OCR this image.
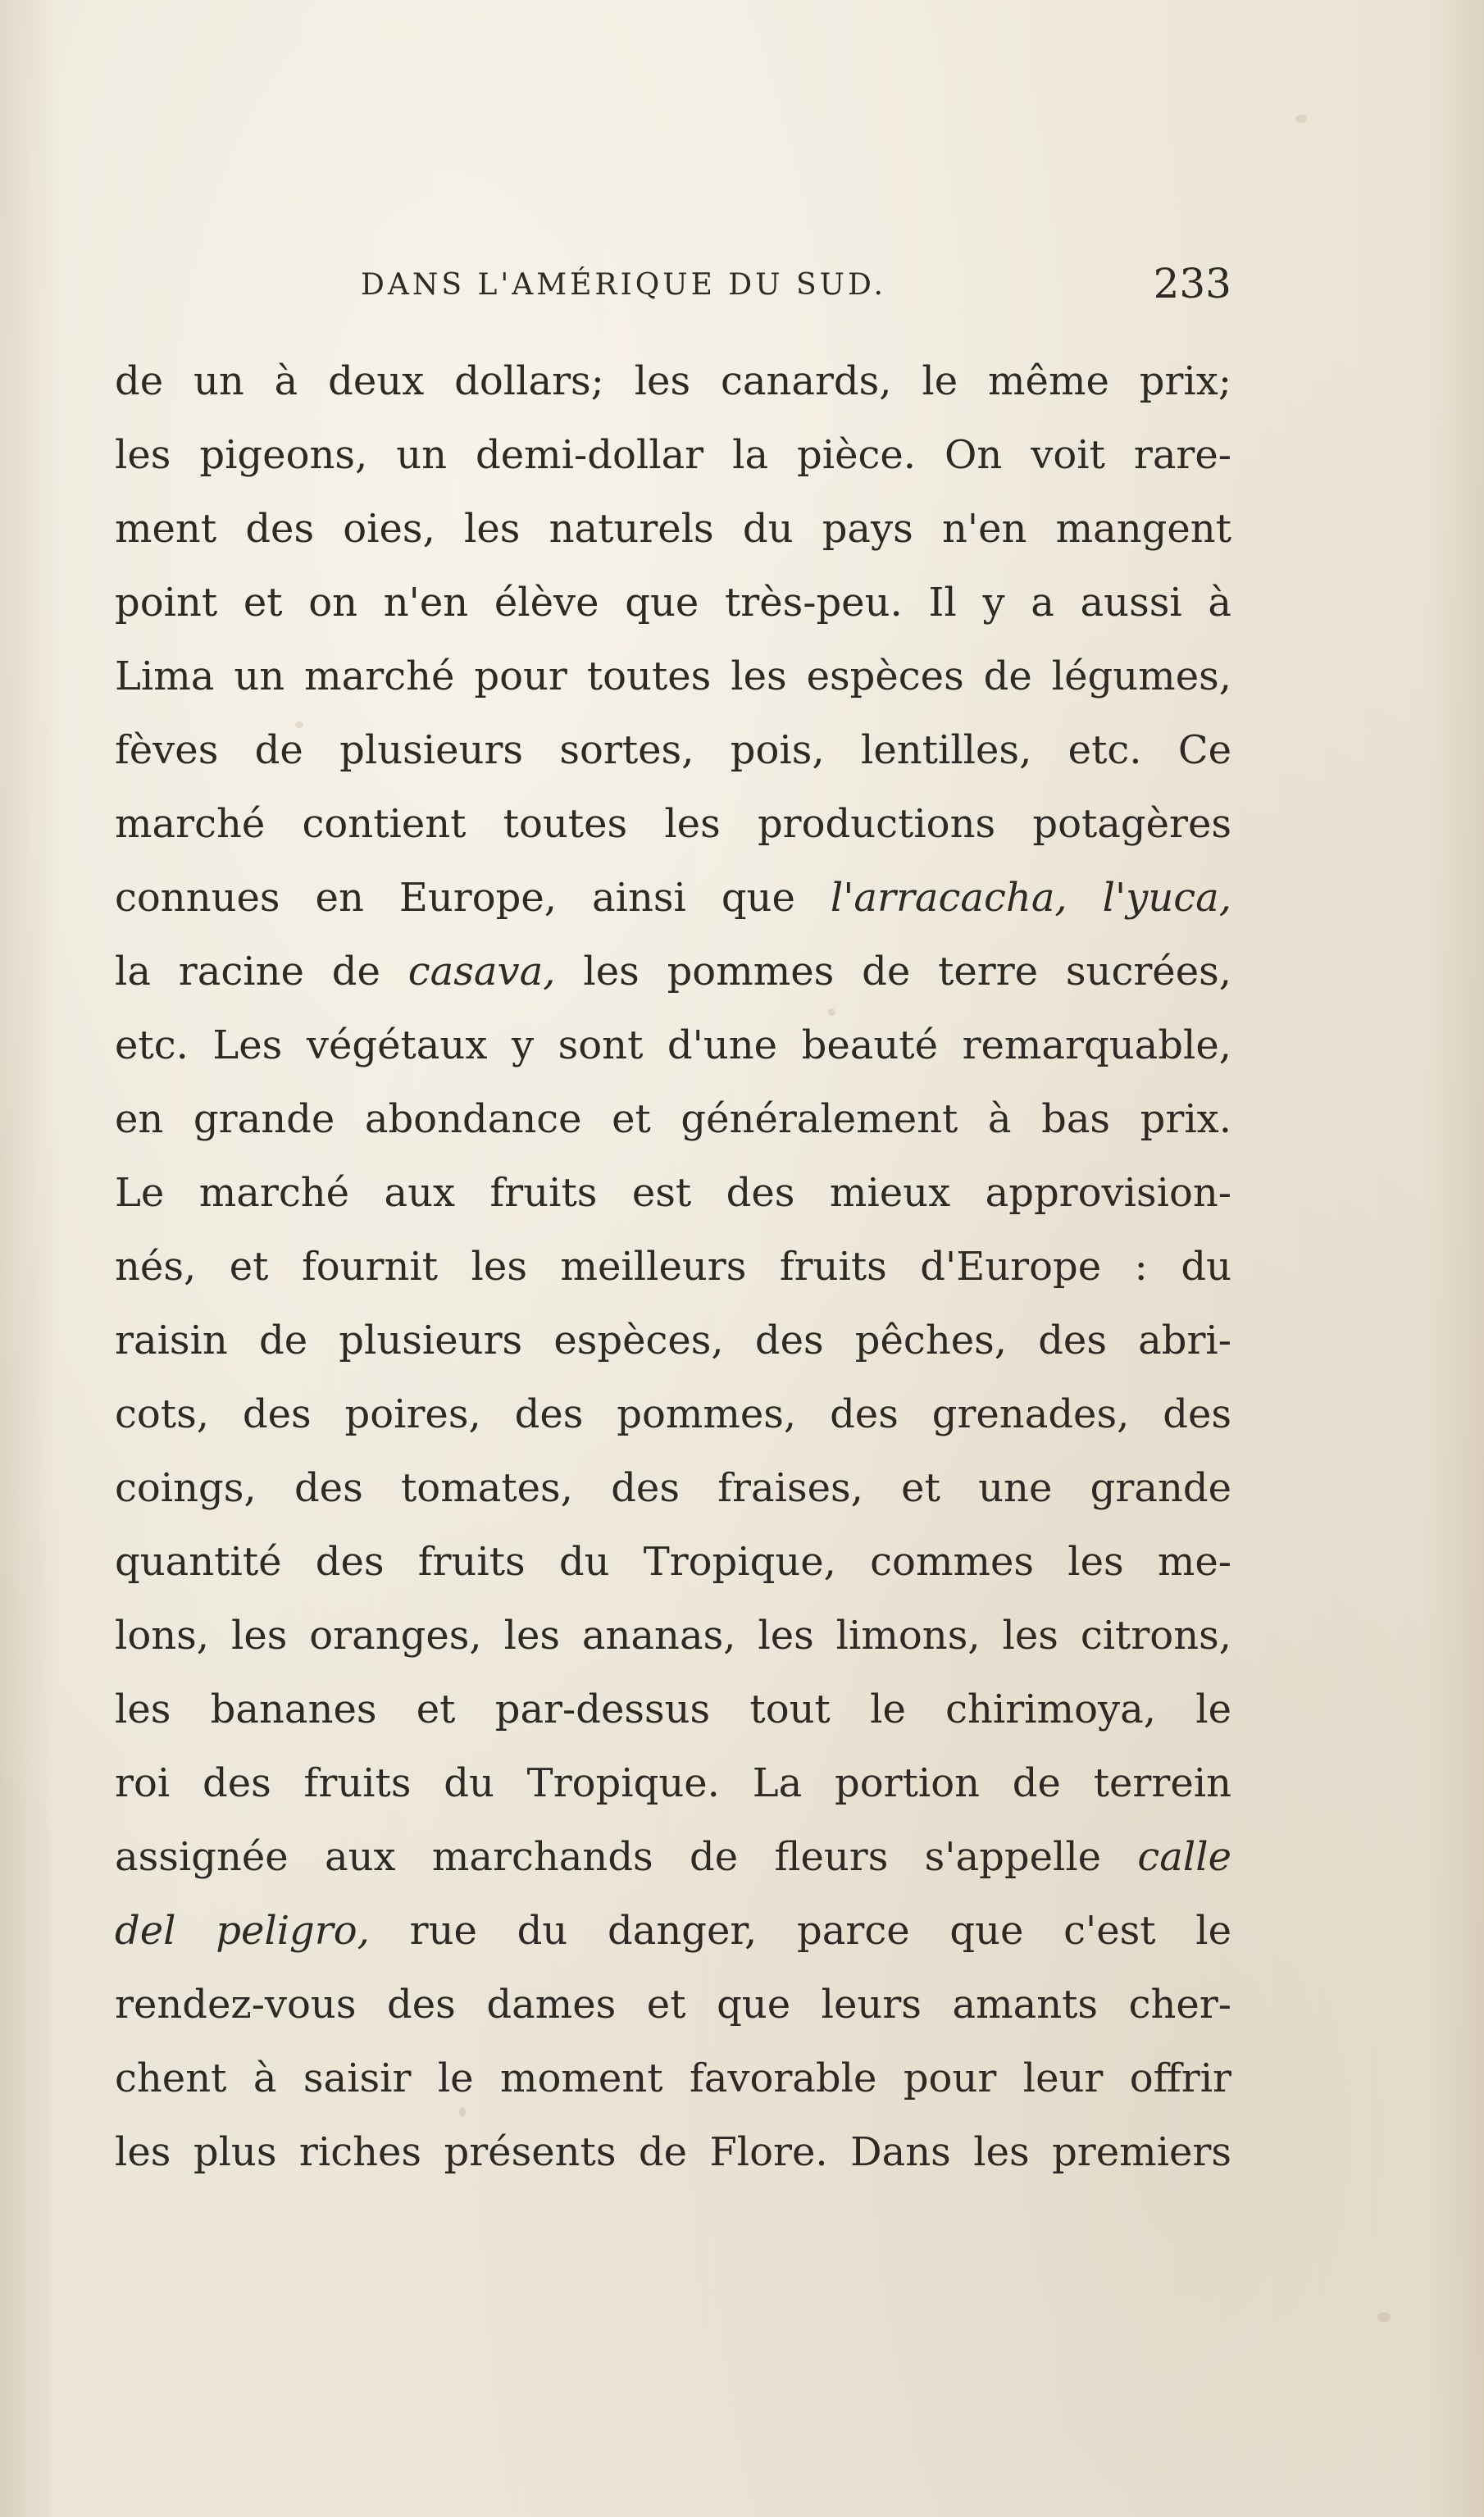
DANS L'AMÉRIQUE DU SUD.	233
de un à deux dollars; les canards, le même prix;
les pigeons, un demi-dollar la pièce. On voit rare-
ment des oies, les naturels du pays n'en mangent
point et on n'en élève que très-peu. Il y a aussi à
Lima un marché pour toutes les espèces de légumes,
fèves de plusieurs sortes, pois, lentilles, etc. Ce
marché contient toutes les productions potagères
connues en Europe, ainsi que l'arracacha, l'yuca,
la racine de casava, les pommes de terre sucrées,
etc. Les végétaux y sont d'une beauté remarquable,
en grande abondance et généralement à bas prix.
Le marché aux fruits est des mieux approvision-
nés, et fournit les meilleurs fruits d'Europe : du
raisin de plusieurs espèces, des pêches, des abri-
cots, des poires, des pommes, des grenades, des
coings, des tomates, des fraises, et une grande
quantité des fruits du Tropique, commes les me-
lons, les oranges, les ananas, les limons, les citrons,
les bananes et par-dessus tout le chirimoya, le
roi des fruits du Tropique. La portion de terrein
assignée aux marchands de fleurs s'appelle calle
del peligro, rue du danger, parce que c'est le
rendez-vous des dames et que leurs amants cher-
chent à saisir le moment favorable pour leur offrir
les plus riches présents de Flore. Dans les premiers
